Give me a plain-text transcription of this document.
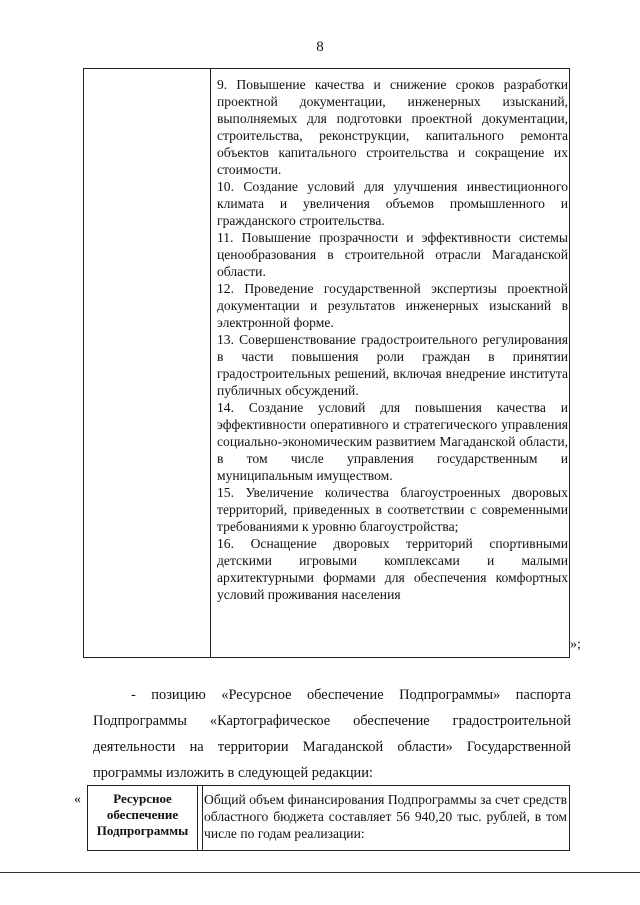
8
9. Повышение качества и снижение сроков разработки проектной документации, инженерных изысканий, выполняемых для подготовки проектной документации, строительства, реконструкции, капитального ремонта объектов капитального строительства и сокращение их стоимости.
10. Создание условий для улучшения инвестиционного климата и увеличения объемов промышленного и гражданского строительства.
11. Повышение прозрачности и эффективности системы ценообразования в строительной отрасли Магаданской области.
12. Проведение государственной экспертизы проектной документации и результатов инженерных изысканий в электронной форме.
13. Совершенствование градостроительного регулирования в части повышения роли граждан в принятии градостроительных решений, включая внедрение института публичных обсуждений.
14. Создание условий для повышения качества и эффективности оперативного и стратегического управления социально-экономическим развитием Магаданской области, в том числе управления государственным и муниципальным имуществом.
15. Увеличение количества благоустроенных дворовых территорий, приведенных в соответствии с современными требованиями к уровню благоустройства;
16. Оснащение дворовых территорий спортивными детскими игровыми комплексами и малыми архитектурными формами для обеспечения комфортных условий проживания населения
»;
- позицию «Ресурсное обеспечение Подпрограммы» паспорта Подпрограммы «Картографическое обеспечение градостроительной деятельности на территории Магаданской области» Государственной программы изложить в следующей редакции:
«	Ресурсное
обеспечение
Подпрограммы
Общий объем финансирования Подпрограммы за счет средств областного бюджета составляет 56 940,20 тыс. рублей, в том числе по годам реализации:
